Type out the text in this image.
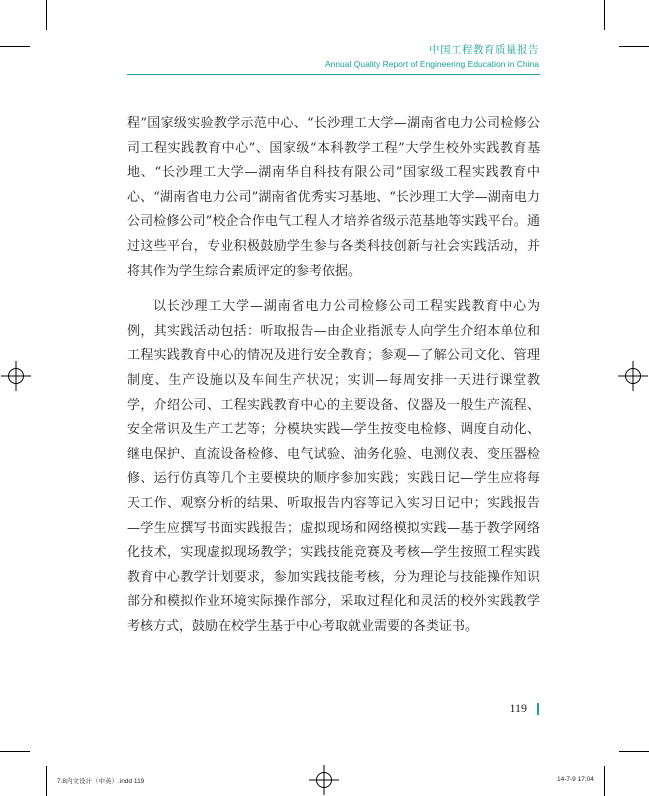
中国工程教育质量报告
Annual Quality Report of Engineering Education in China

程”国家级实验教学示范中心、“长沙理工大学—湖南省电力公司检修公司工程实践教育中心”、国家级“本科教学工程”大学生校外实践教育基地、“长沙理工大学—湖南华自科技有限公司”国家级工程实践教育中心、“湖南省电力公司”湖南省优秀实习基地、“长沙理工大学—湖南电力公司检修公司”校企合作电气工程人才培养省级示范基地等实践平台。通过这些平台，专业积极鼓励学生参与各类科技创新与社会实践活动，并将其作为学生综合素质评定的参考依据。

以长沙理工大学—湖南省电力公司检修公司工程实践教育中心为例，其实践活动包括：听取报告—由企业指派专人向学生介绍本单位和工程实践教育中心的情况及进行安全教育；参观—了解公司文化、管理制度、生产设施以及车间生产状况；实训—每周安排一天进行课堂教学，介绍公司、工程实践教育中心的主要设备、仪器及一般生产流程、安全常识及生产工艺等；分模块实践—学生按变电检修、调度自动化、继电保护、直流设备检修、电气试验、油务化验、电测仪表、变压器检修、运行仿真等几个主要模块的顺序参加实践；实践日记—学生应将每天工作、观察分析的结果、听取报告内容等记入实习日记中；实践报告—学生应撰写书面实践报告；虚拟现场和网络模拟实践—基于教学网络化技术，实现虚拟现场教学；实践技能竞赛及考核—学生按照工程实践教育中心教学计划要求，参加实践技能考核，分为理论与技能操作知识部分和模拟作业环境实际操作部分，采取过程化和灵活的校外实践教学考核方式，鼓励在校学生基于中心考取就业需要的各类证书。

119
7.8内文设计（中英）.indd 119	14-7-9 17:04
